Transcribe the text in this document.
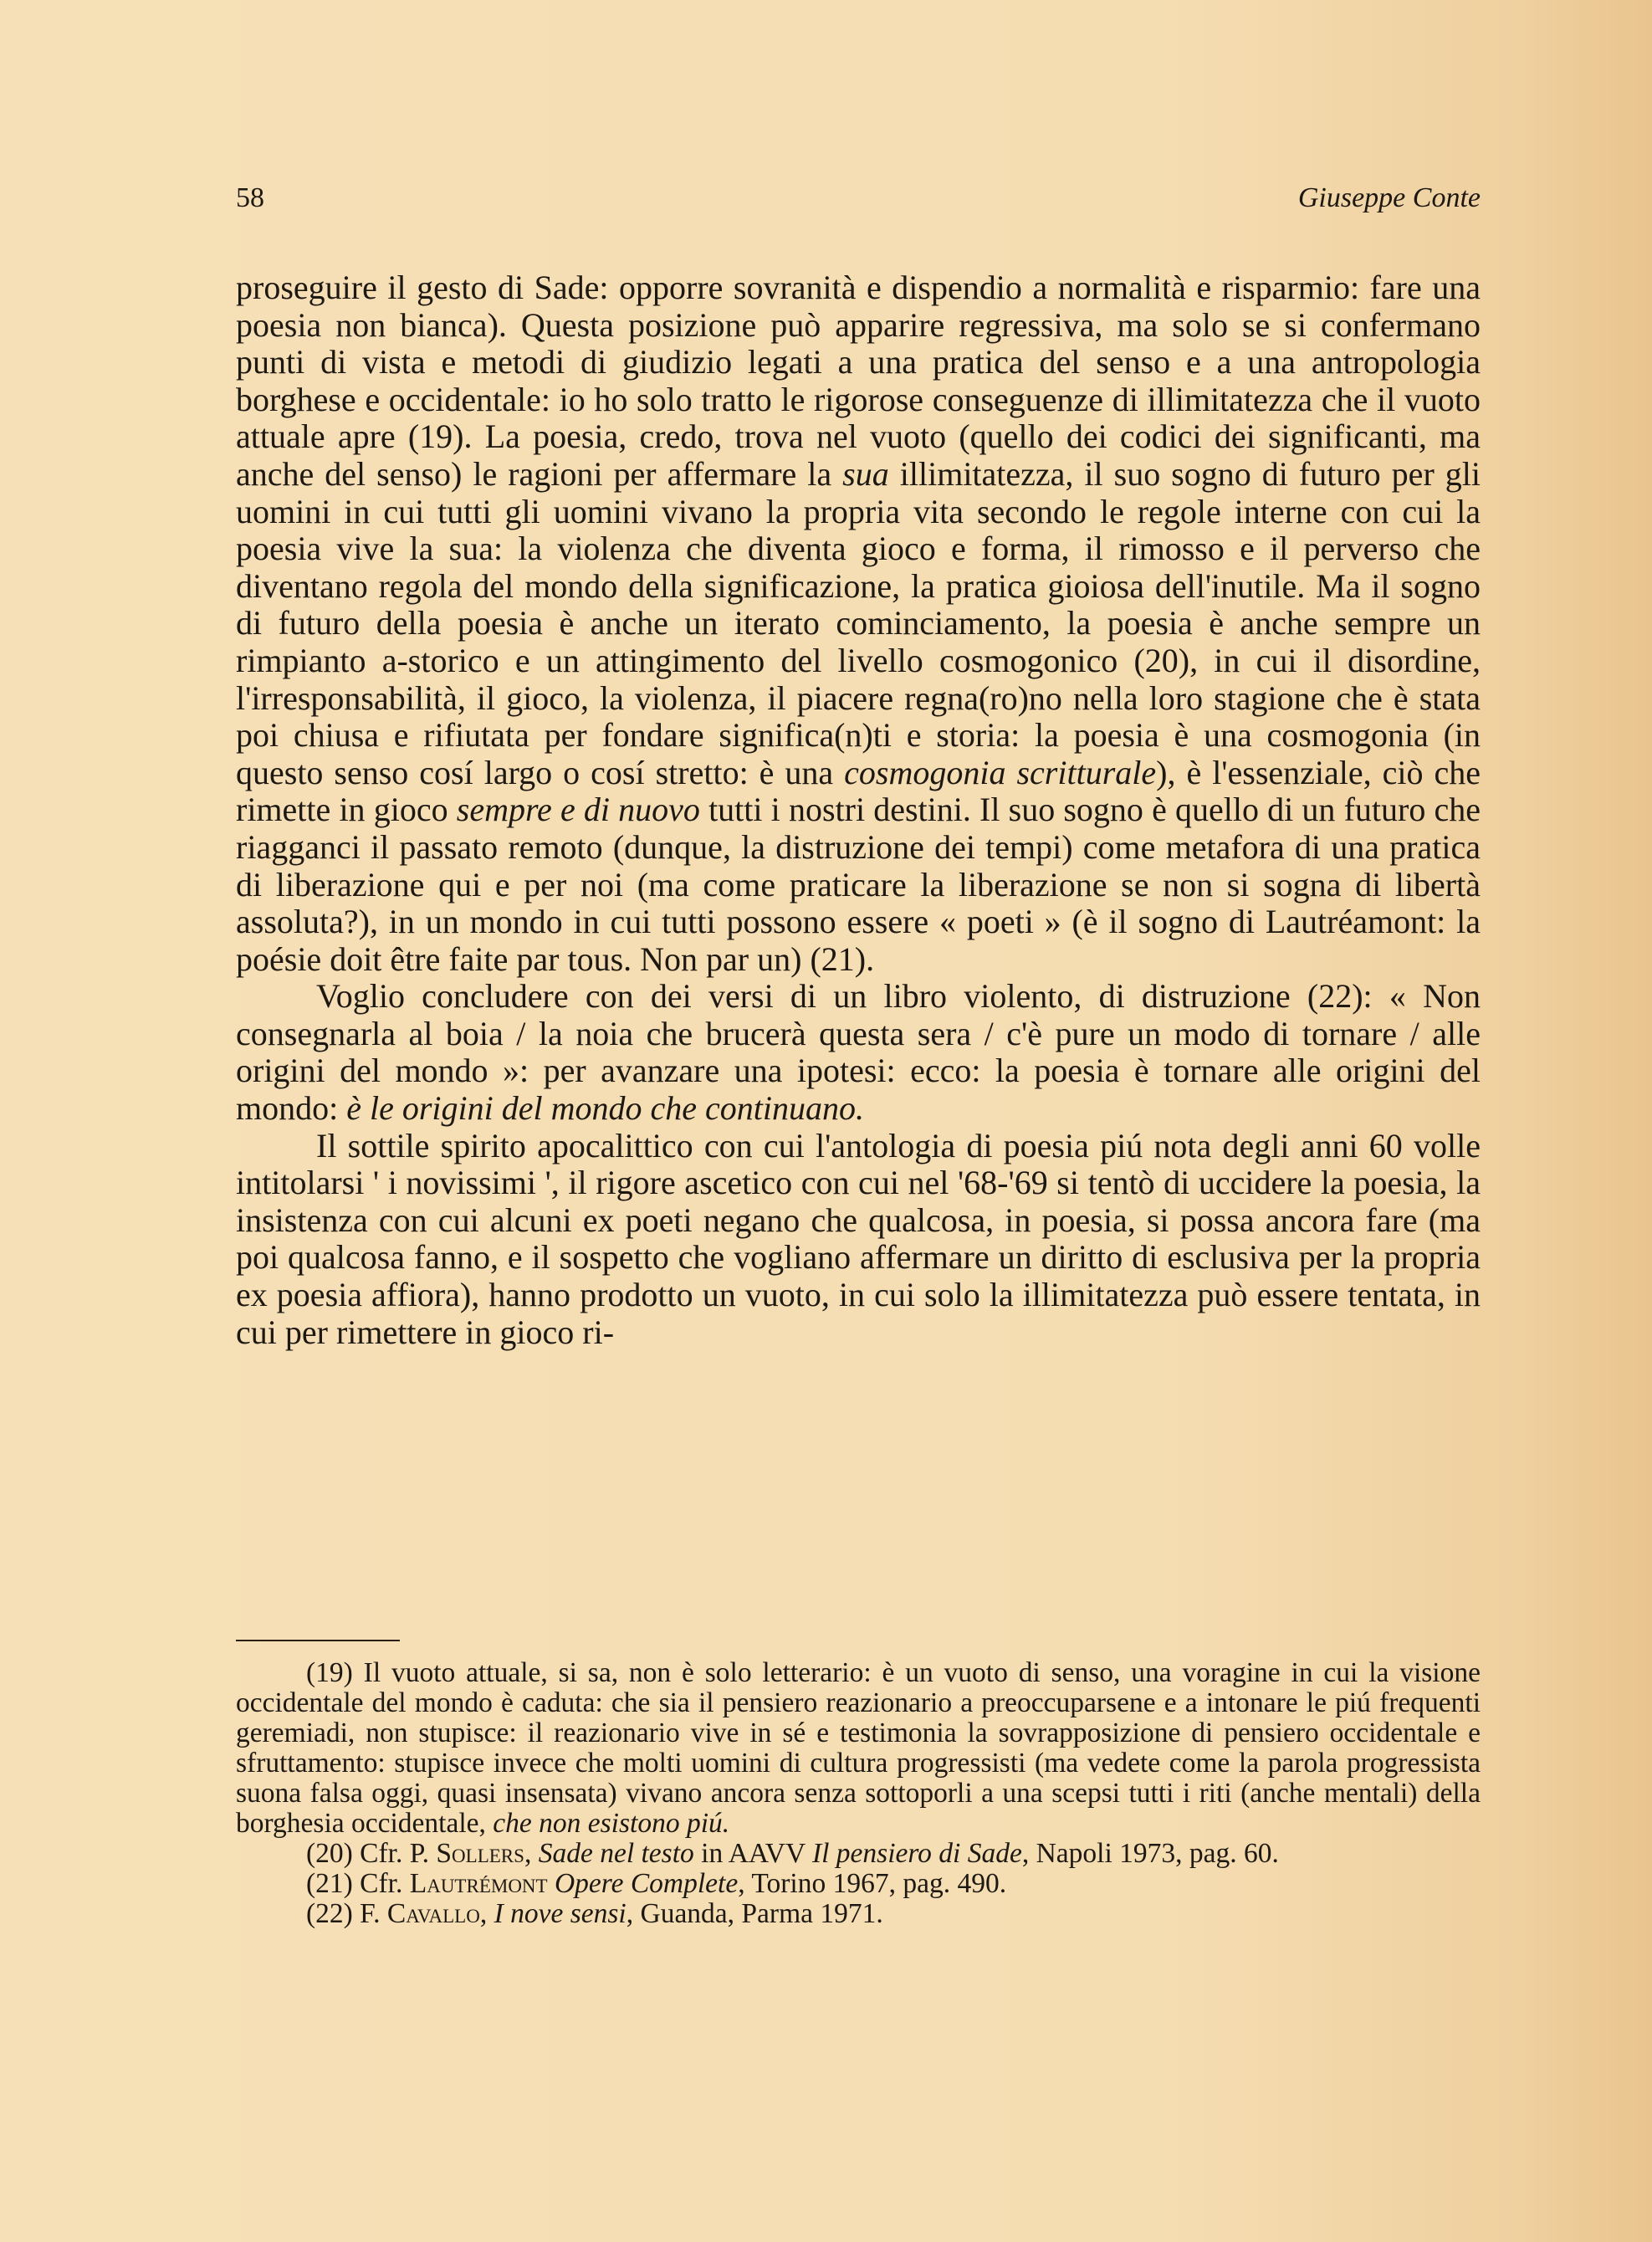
58	Giuseppe Conte

proseguire il gesto di Sade: opporre sovranità e dispendio a normalità e risparmio: fare una poesia non bianca). Questa posizione può apparire regressiva, ma solo se si confermano punti di vista e metodi di giudizio legati a una pratica del senso e a una antropologia borghese e occidentale: io ho solo tratto le rigorose conseguenze di illimitatezza che il vuoto attuale apre (19). La poesia, credo, trova nel vuoto (quello dei codici dei significanti, ma anche del senso) le ragioni per affermare la sua illimitatezza, il suo sogno di futuro per gli uomini in cui tutti gli uomini vivano la propria vita secondo le regole interne con cui la poesia vive la sua: la violenza che diventa gioco e forma, il rimosso e il perverso che diventano regola del mondo della significazione, la pratica gioiosa dell'inutile. Ma il sogno di futuro della poesia è anche un iterato cominciamento, la poesia è anche sempre un rimpianto a-storico e un attingimento del livello cosmogonico (20), in cui il disordine, l'irresponsabilità, il gioco, la violenza, il piacere regna(ro)no nella loro stagione che è stata poi chiusa e rifiutata per fondare significa(n)ti e storia: la poesia è una cosmogonia (in questo senso cosí largo o cosí stretto: è una cosmogonia scritturale), è l'essenziale, ciò che rimette in gioco sempre e di nuovo tutti i nostri destini. Il suo sogno è quello di un futuro che riagganci il passato remoto (dunque, la distruzione dei tempi) come metafora di una pratica di liberazione qui e per noi (ma come praticare la liberazione se non si sogna di libertà assoluta?), in un mondo in cui tutti possono essere « poeti » (è il sogno di Lautréamont: la poésie doit être faite par tous. Non par un) (21).

Voglio concludere con dei versi di un libro violento, di distruzione (22): « Non consegnarla al boia / la noia che brucerà questa sera / c'è pure un modo di tornare / alle origini del mondo »: per avanzare una ipotesi: ecco: la poesia è tornare alle origini del mondo: è le origini del mondo che continuano.

Il sottile spirito apocalittico con cui l'antologia di poesia piú nota degli anni 60 volle intitolarsi ' i novissimi ', il rigore ascetico con cui nel '68-'69 si tentò di uccidere la poesia, la insistenza con cui alcuni ex poeti negano che qualcosa, in poesia, si possa ancora fare (ma poi qualcosa fanno, e il sospetto che vogliano affermare un diritto di esclusiva per la propria ex poesia affiora), hanno prodotto un vuoto, in cui solo la illimitatezza può essere tentata, in cui per rimettere in gioco ri-

(19) Il vuoto attuale, si sa, non è solo letterario: è un vuoto di senso, una voragine in cui la visione occidentale del mondo è caduta: che sia il pensiero reazionario a preoccuparsene e a intonare le piú frequenti geremiadi, non stupisce: il reazionario vive in sé e testimonia la sovrapposizione di pensiero occidentale e sfruttamento: stupisce invece che molti uomini di cultura progressisti (ma vedete come la parola progressista suona falsa oggi, quasi insensata) vivano ancora senza sottoporli a una scepsi tutti i riti (anche mentali) della borghesia occidentale, che non esistono piú.

(20) Cfr. P. Sollers, Sade nel testo in AAVV Il pensiero di Sade, Napoli 1973, pag. 60.

(21) Cfr. Lautrémont Opere Complete, Torino 1967, pag. 490.

(22) F. Cavallo, I nove sensi, Guanda, Parma 1971.
